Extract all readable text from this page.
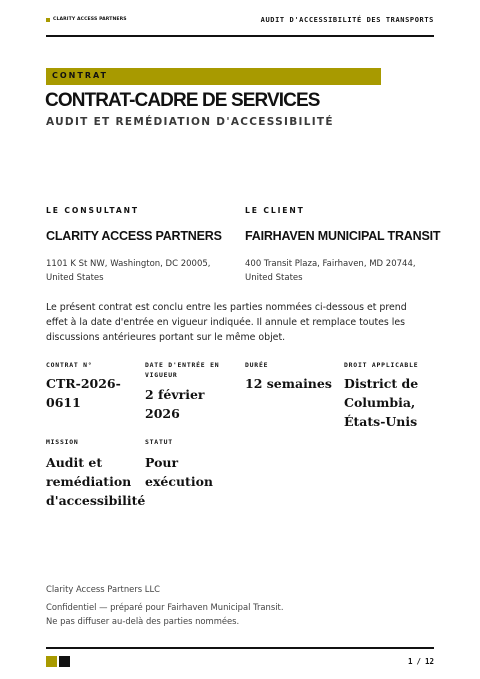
CLARITY ACCESS PARTNERS	AUDIT D'ACCESSIBILITÉ DES TRANSPORTS
CONTRAT
CONTRAT-CADRE DE SERVICES
AUDIT ET REMÉDIATION D'ACCESSIBILITÉ
LE CONSULTANT
CLARITY ACCESS PARTNERS
1101 K St NW, Washington, DC 20005, United States
LE CLIENT
FAIRHAVEN MUNICIPAL TRANSIT
400 Transit Plaza, Fairhaven, MD 20744, United States
Le présent contrat est conclu entre les parties nommées ci-dessous et prend effet à la date d'entrée en vigueur indiquée. Il annule et remplace toutes les discussions antérieures portant sur le même objet.
CONTRAT N°
CTR-2026-0611
DATE D'ENTRÉE EN VIGUEUR
2 février 2026
DURÉE
12 semaines
DROIT APPLICABLE
District de Columbia, États-Unis
MISSION
Audit et remédiation d'accessibilité
STATUT
Pour exécution
Clarity Access Partners LLC
Confidentiel — préparé pour Fairhaven Municipal Transit. Ne pas diffuser au-delà des parties nommées.
1 / 12
